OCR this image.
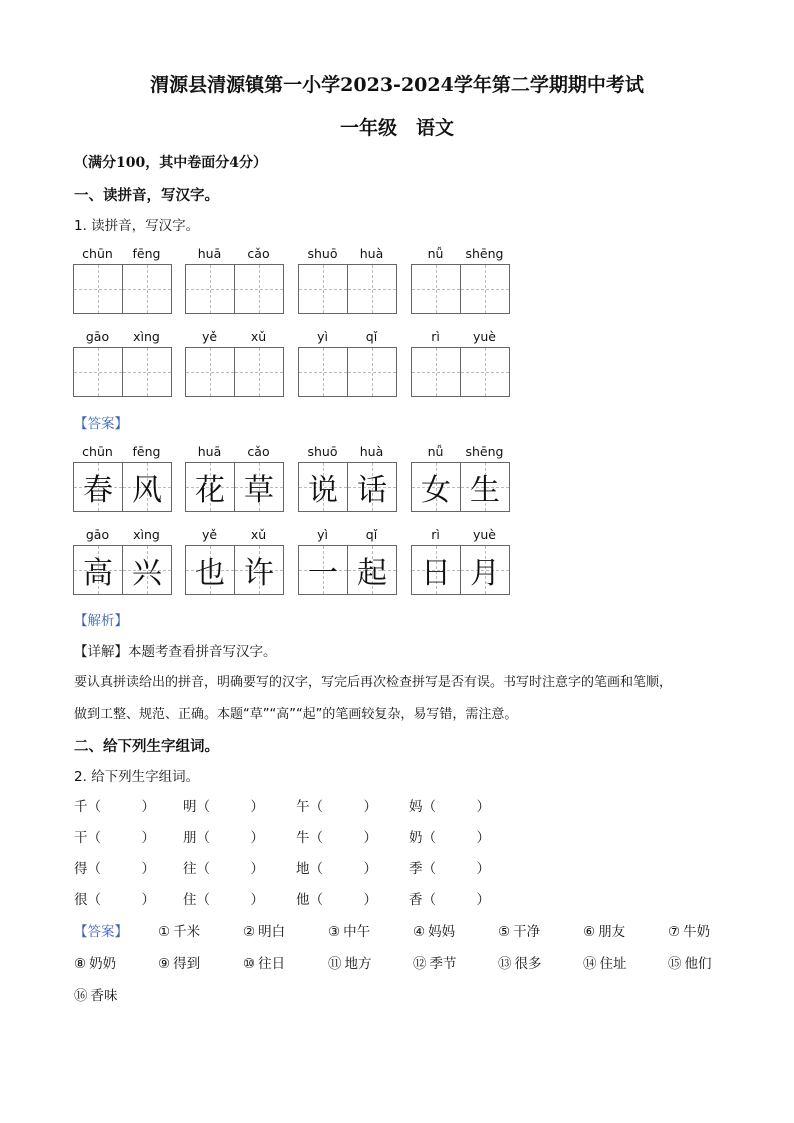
渭源县清源镇第一小学2023-2024学年第二学期期中考试
一年级　语文
（满分100，其中卷面分4分）
一、读拼音，写汉字。
1. 读拼音，写汉字。
chūn	fēng	huā	cǎo	shuō	huà	nǚ	shēng
gāo	xìng	yě	xǔ	yì	qǐ	rì	yuè
【答案】
chūn	fēng
春 风
huā	cǎo
花 草
shuō	huà
说 话
nǚ	shēng
女 生
gāo	xìng
高 兴
yě	xǔ
也 许
yì	qǐ
一 起
rì	yuè
日 月
【解析】
【详解】本题考查看拼音写汉字。
要认真拼读给出的拼音，明确要写的汉字，写完后再次检查拼写是否有误。书写时注意字的笔画和笔顺，
做到工整、规范、正确。本题“草”“高”“起”的笔画较复杂，易写错，需注意。
二、给下列生字组词。
2. 给下列生字组词。
千（　　　） 明（　　　） 午（　　　） 妈（　　　）
干（　　　） 朋（　　　） 牛（　　　） 奶（　　　）
得（　　　） 往（　　　） 地（　　　） 季（　　　）
很（　　　） 住（　　　） 他（　　　） 香（　　　）
【答案】 ① 千米	② 明白	③ 中午	④ 妈妈	⑤ 干净	⑥ 朋友	⑦ 牛奶
⑧ 奶奶	⑨ 得到	⑩ 往日	⑪ 地方	⑫ 季节	⑬ 很多	⑭ 住址	⑮ 他们
⑯ 香味
